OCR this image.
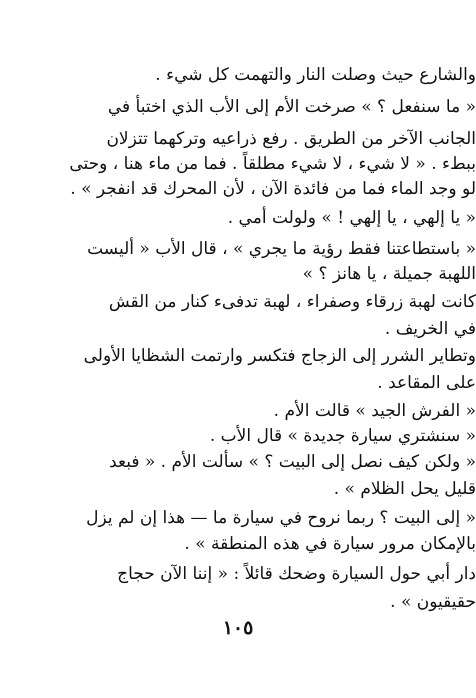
والشارع حيث وصلت النار والتهمت كل شيء .
« ما سنفعل ؟ » صرخت الأم إلى الأب الذي اختبأ في
الجانب الآخر من الطريق . رفع ذراعيه وتركهما تتزلان
ببطء . « لا شيء ، لا شيء مطلقاً . فما من ماء هنا ، وحتى
لو وجد الماء فما من فائدة الآن ، لأن المحرك قد انفجر » .
« يا إلهي ، يا إلهي ! » ولولت أمي .
« باستطاعتنا فقط رؤية ما يجري » ، قال الأب « أليست
اللهبة جميلة ، يا هانز ؟ »
كانت لهبة زرقاء وصفراء ، لهبة تدفىء كنار من القش
في الخريف .
وتطاير الشرر إلى الزجاج فتكسر وارتمت الشظايا الأولى
على المقاعد .
« الفرش الجيد » قالت الأم .
« سنشتري سيارة جديدة » قال الأب .
« ولكن كيف نصل إلى البيت ؟ » سألت الأم . « فبعد
قليل يحل الظلام » .
« إلى البيت ؟ ربما نروح في سيارة ما — هذا إن لم يزل
بالإمكان مرور سيارة في هذه المنطقة » .
دار أبي حول السيارة وضحك قائلاً : « إننا الآن حجاج
حقيقيون » .
١٠٥
